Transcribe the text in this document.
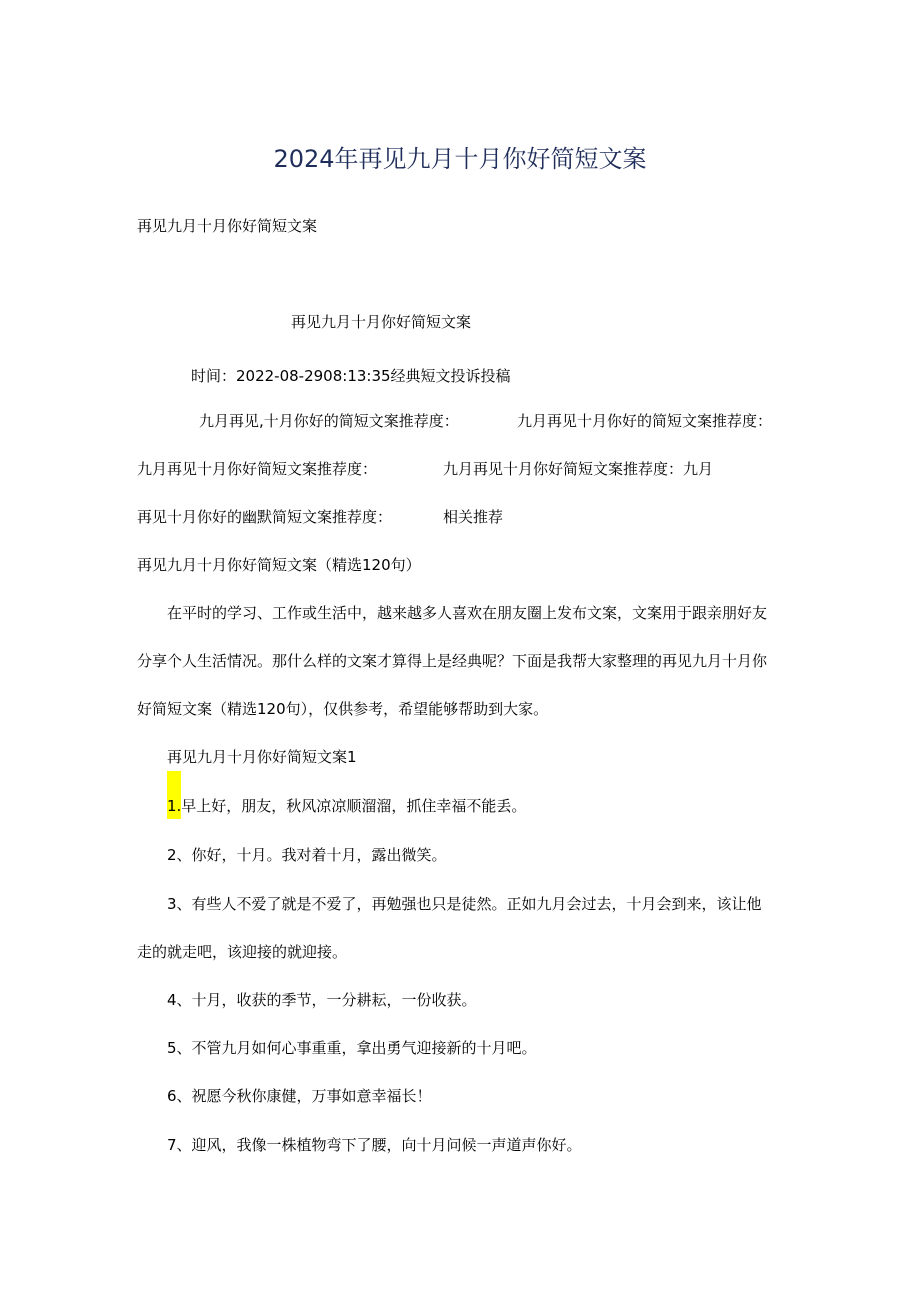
2024年再见九月十月你好简短文案
再见九月十月你好简短文案
再见九月十月你好简短文案
时间：2022-08-2908:13:35经典短文投诉投稿
九月再见,十月你好的简短文案推荐度：	九月再见十月你好的简短文案推荐度：
九月再见十月你好简短文案推荐度：	九月再见十月你好简短文案推荐度：九月
再见十月你好的幽默简短文案推荐度：	相关推荐
再见九月十月你好简短文案（精选120句）
在平时的学习、工作或生活中，越来越多人喜欢在朋友圈上发布文案，文案用于跟亲朋好友
分享个人生活情况。那什么样的文案才算得上是经典呢？下面是我帮大家整理的再见九月十月你
好简短文案（精选120句），仅供参考，希望能够帮助到大家。
再见九月十月你好简短文案1
1.早上好，朋友，秋风凉凉顺溜溜，抓住幸福不能丢。
2、你好，十月。我对着十月，露出微笑。
3、有些人不爱了就是不爱了，再勉强也只是徒然。正如九月会过去，十月会到来，该让他
走的就走吧，该迎接的就迎接。
4、十月，收获的季节，一分耕耘，一份收获。
5、不管九月如何心事重重，拿出勇气迎接新的十月吧。
6、祝愿今秋你康健，万事如意幸福长！
7、迎风，我像一株植物弯下了腰，向十月问候一声道声你好。
